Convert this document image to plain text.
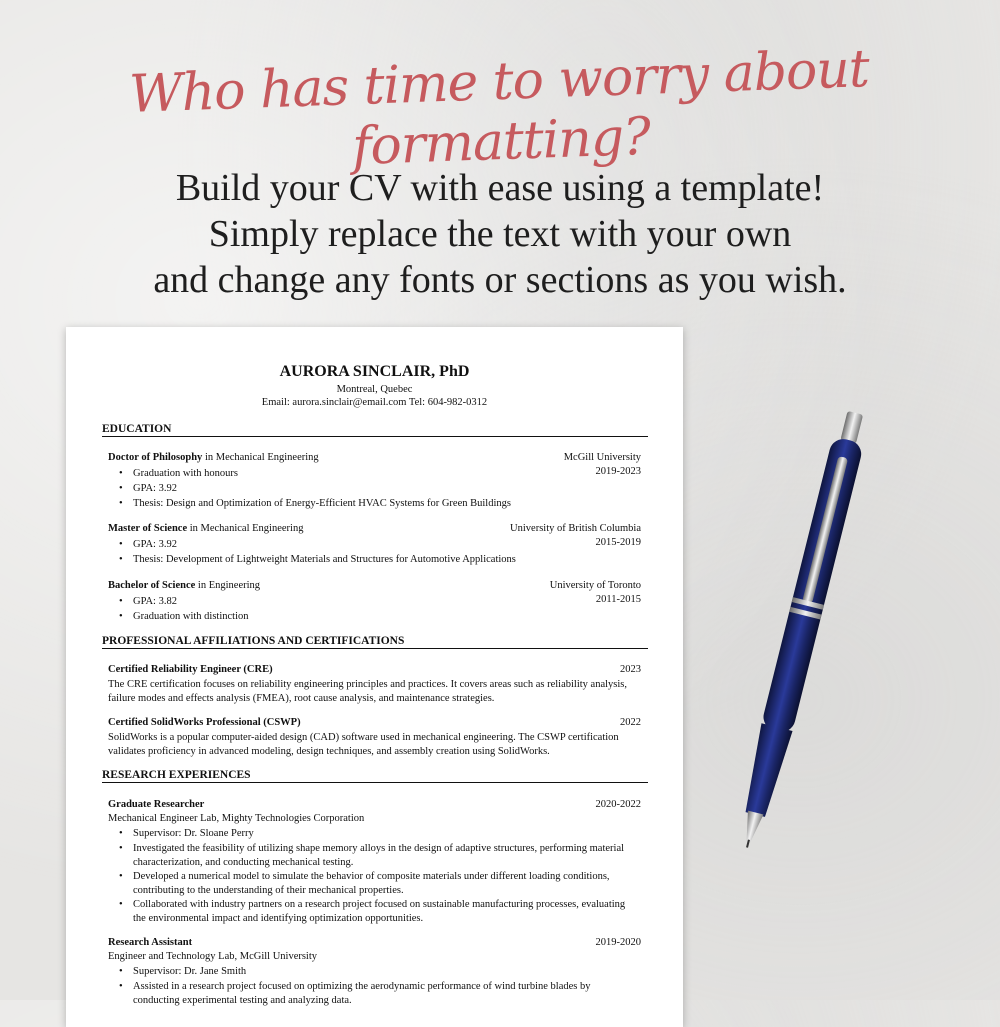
Who has time to worry about formatting?
Build your CV with ease using a template!
Simply replace the text with your own
and change any fonts or sections as you wish.
AURORA SINCLAIR, PhD
Montreal, Quebec
Email: aurora.sinclair@email.com Tel: 604-982-0312
EDUCATION
Doctor of Philosophy in Mechanical Engineering	McGill University
2019-2023
• Graduation with honours
• GPA: 3.92
• Thesis: Design and Optimization of Energy-Efficient HVAC Systems for Green Buildings
Master of Science in Mechanical Engineering	University of British Columbia
2015-2019
• GPA: 3.92
• Thesis: Development of Lightweight Materials and Structures for Automotive Applications
Bachelor of Science in Engineering	University of Toronto
2011-2015
• GPA: 3.82
• Graduation with distinction
PROFESSIONAL AFFILIATIONS AND CERTIFICATIONS
Certified Reliability Engineer (CRE)	2023
The CRE certification focuses on reliability engineering principles and practices. It covers areas such as reliability analysis, failure modes and effects analysis (FMEA), root cause analysis, and maintenance strategies.
Certified SolidWorks Professional (CSWP)	2022
SolidWorks is a popular computer-aided design (CAD) software used in mechanical engineering. The CSWP certification validates proficiency in advanced modeling, design techniques, and assembly creation using SolidWorks.
RESEARCH EXPERIENCES
Graduate Researcher	2020-2022
Mechanical Engineer Lab, Mighty Technologies Corporation
• Supervisor: Dr. Sloane Perry
• Investigated the feasibility of utilizing shape memory alloys in the design of adaptive structures, performing material characterization, and conducting mechanical testing.
• Developed a numerical model to simulate the behavior of composite materials under different loading conditions, contributing to the understanding of their mechanical properties.
• Collaborated with industry partners on a research project focused on sustainable manufacturing processes, evaluating the environmental impact and identifying optimization opportunities.
Research Assistant	2019-2020
Engineer and Technology Lab, McGill University
• Supervisor: Dr. Jane Smith
• Assisted in a research project focused on optimizing the aerodynamic performance of wind turbine blades by conducting experimental testing and analyzing data.
